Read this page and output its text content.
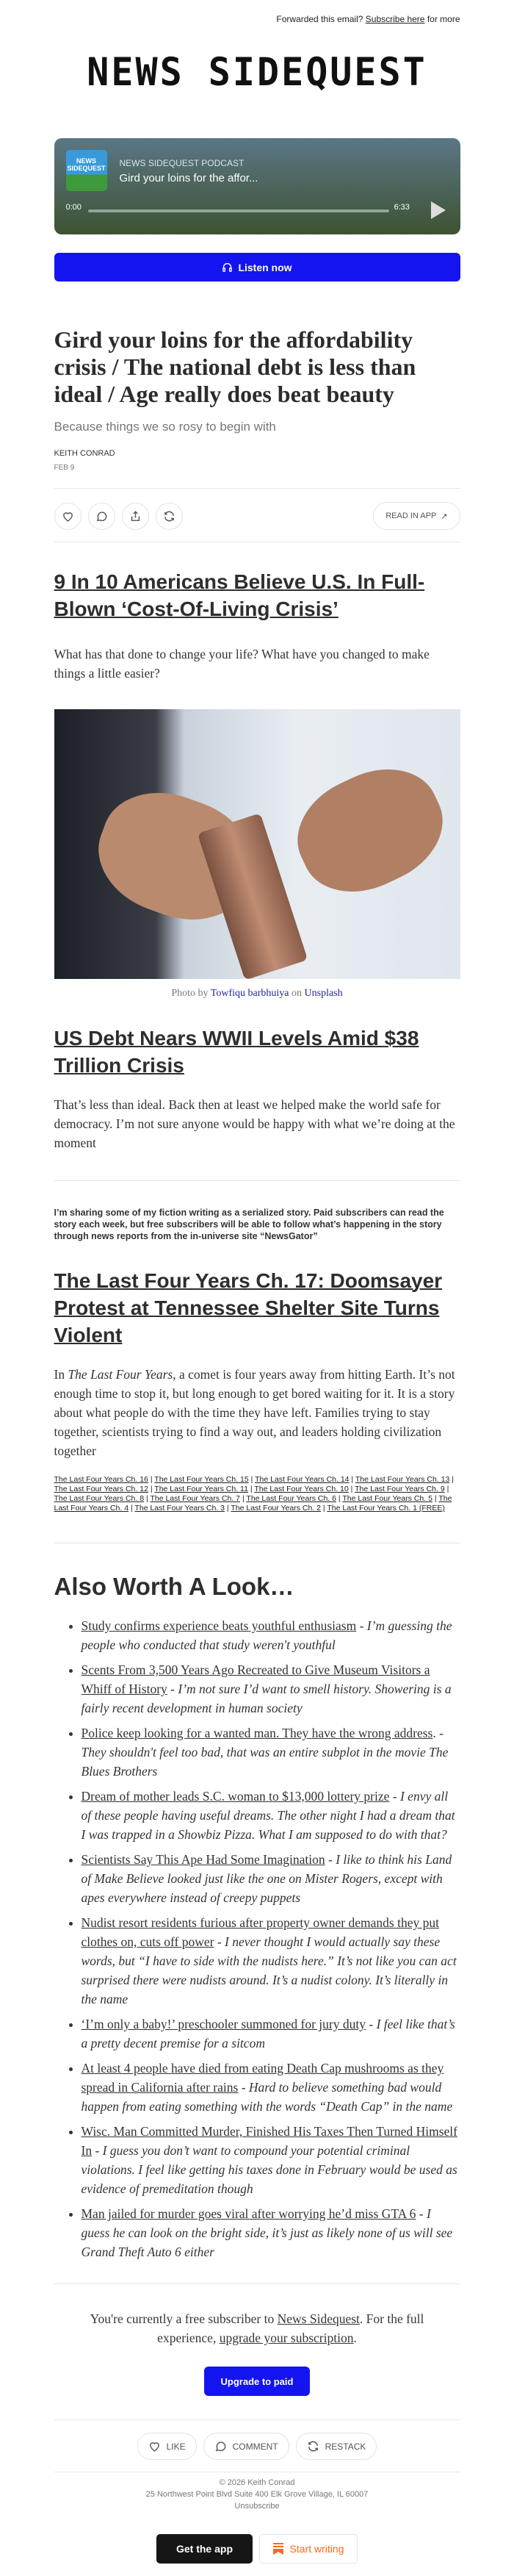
Forwarded this email? Subscribe here for more
NEWS SIDEQUEST
NEWS SIDEQUEST NEWS SIDEQUEST PODCAST
Gird your loins for the affor...
0:00	6:33
Listen now
Gird your loins for the affordability crisis / The national debt is less than ideal / Age really does beat beauty
Because things we so rosy to begin with
KEITH CONRAD
FEB 9
READ IN APP ↗
9 In 10 Americans Believe U.S. In Full-Blown ‘Cost-Of-Living Crisis’

What has that done to change your life? What have you changed to make things a little easier?

Photo by Towfiqu barbhuiya on Unsplash
US Debt Nears WWII Levels Amid $38 Trillion Crisis

That’s less than ideal. Back then at least we helped make the world safe for democracy. I’m not sure anyone would be happy with what we’re doing at the moment

I’m sharing some of my fiction writing as a serialized story. Paid subscribers can read the story each week, but free subscribers will be able to follow what’s happening in the story through news reports from the in-universe site “NewsGator”

The Last Four Years Ch. 17: Doomsayer Protest at Tennessee Shelter Site Turns Violent

In The Last Four Years, a comet is four years away from hitting Earth. It’s not enough time to stop it, but long enough to get bored waiting for it. It is a story about what people do with the time they have left. Families trying to stay together, scientists trying to find a way out, and leaders holding civilization together

The Last Four Years Ch. 16 | The Last Four Years Ch. 15 | The Last Four Years Ch. 14 | The Last Four Years Ch. 13 | The Last Four Years Ch. 12 | The Last Four Years Ch. 11 | The Last Four Years Ch. 10 | The Last Four Years Ch. 9 | The Last Four Years Ch. 8 | The Last Four Years Ch. 7 | The Last Four Years Ch. 6 | The Last Four Years Ch. 5 | The Last Four Years Ch. 4 | The Last Four Years Ch. 3 | The Last Four Years Ch. 2 | The Last Four Years Ch. 1 (FREE)
Also Worth A Look…
• Study confirms experience beats youthful enthusiasm - I’m guessing the people who conducted that study weren't youthful
• Scents From 3,500 Years Ago Recreated to Give Museum Visitors a Whiff of History - I’m not sure I’d want to smell history. Showering is a fairly recent development in human society
• Police keep looking for a wanted man. They have the wrong address. - They shouldn't feel too bad, that was an entire subplot in the movie The Blues Brothers
• Dream of mother leads S.C. woman to $13,000 lottery prize - I envy all of these people having useful dreams. The other night I had a dream that I was trapped in a Showbiz Pizza. What I am supposed to do with that?
• Scientists Say This Ape Had Some Imagination - I like to think his Land of Make Believe looked just like the one on Mister Rogers, except with apes everywhere instead of creepy puppets
• Nudist resort residents furious after property owner demands they put clothes on, cuts off power - I never thought I would actually say these words, but “I have to side with the nudists here.” It’s not like you can act surprised there were nudists around. It’s a nudist colony. It’s literally in the name
• ‘I’m only a baby!’ preschooler summoned for jury duty - I feel like that’s a pretty decent premise for a sitcom
• At least 4 people have died from eating Death Cap mushrooms as they spread in California after rains - Hard to believe something bad would happen from eating something with the words “Death Cap” in the name
• Wisc. Man Committed Murder, Finished His Taxes Then Turned Himself In - I guess you don’t want to compound your potential criminal violations. I feel like getting his taxes done in February would be used as evidence of premeditation though
• Man jailed for murder goes viral after worrying he’d miss GTA 6 - I guess he can look on the bright side, it’s just as likely none of us will see Grand Theft Auto 6 either

You're currently a free subscriber to News Sidequest. For the full experience, upgrade your subscription.

Upgrade to paid
LIKE	COMMENT	RESTACK
© 2026 Keith Conrad
25 Northwest Point Blvd Suite 400 Elk Grove Village, IL 60007
Unsubscribe
Get the app	Start writing
